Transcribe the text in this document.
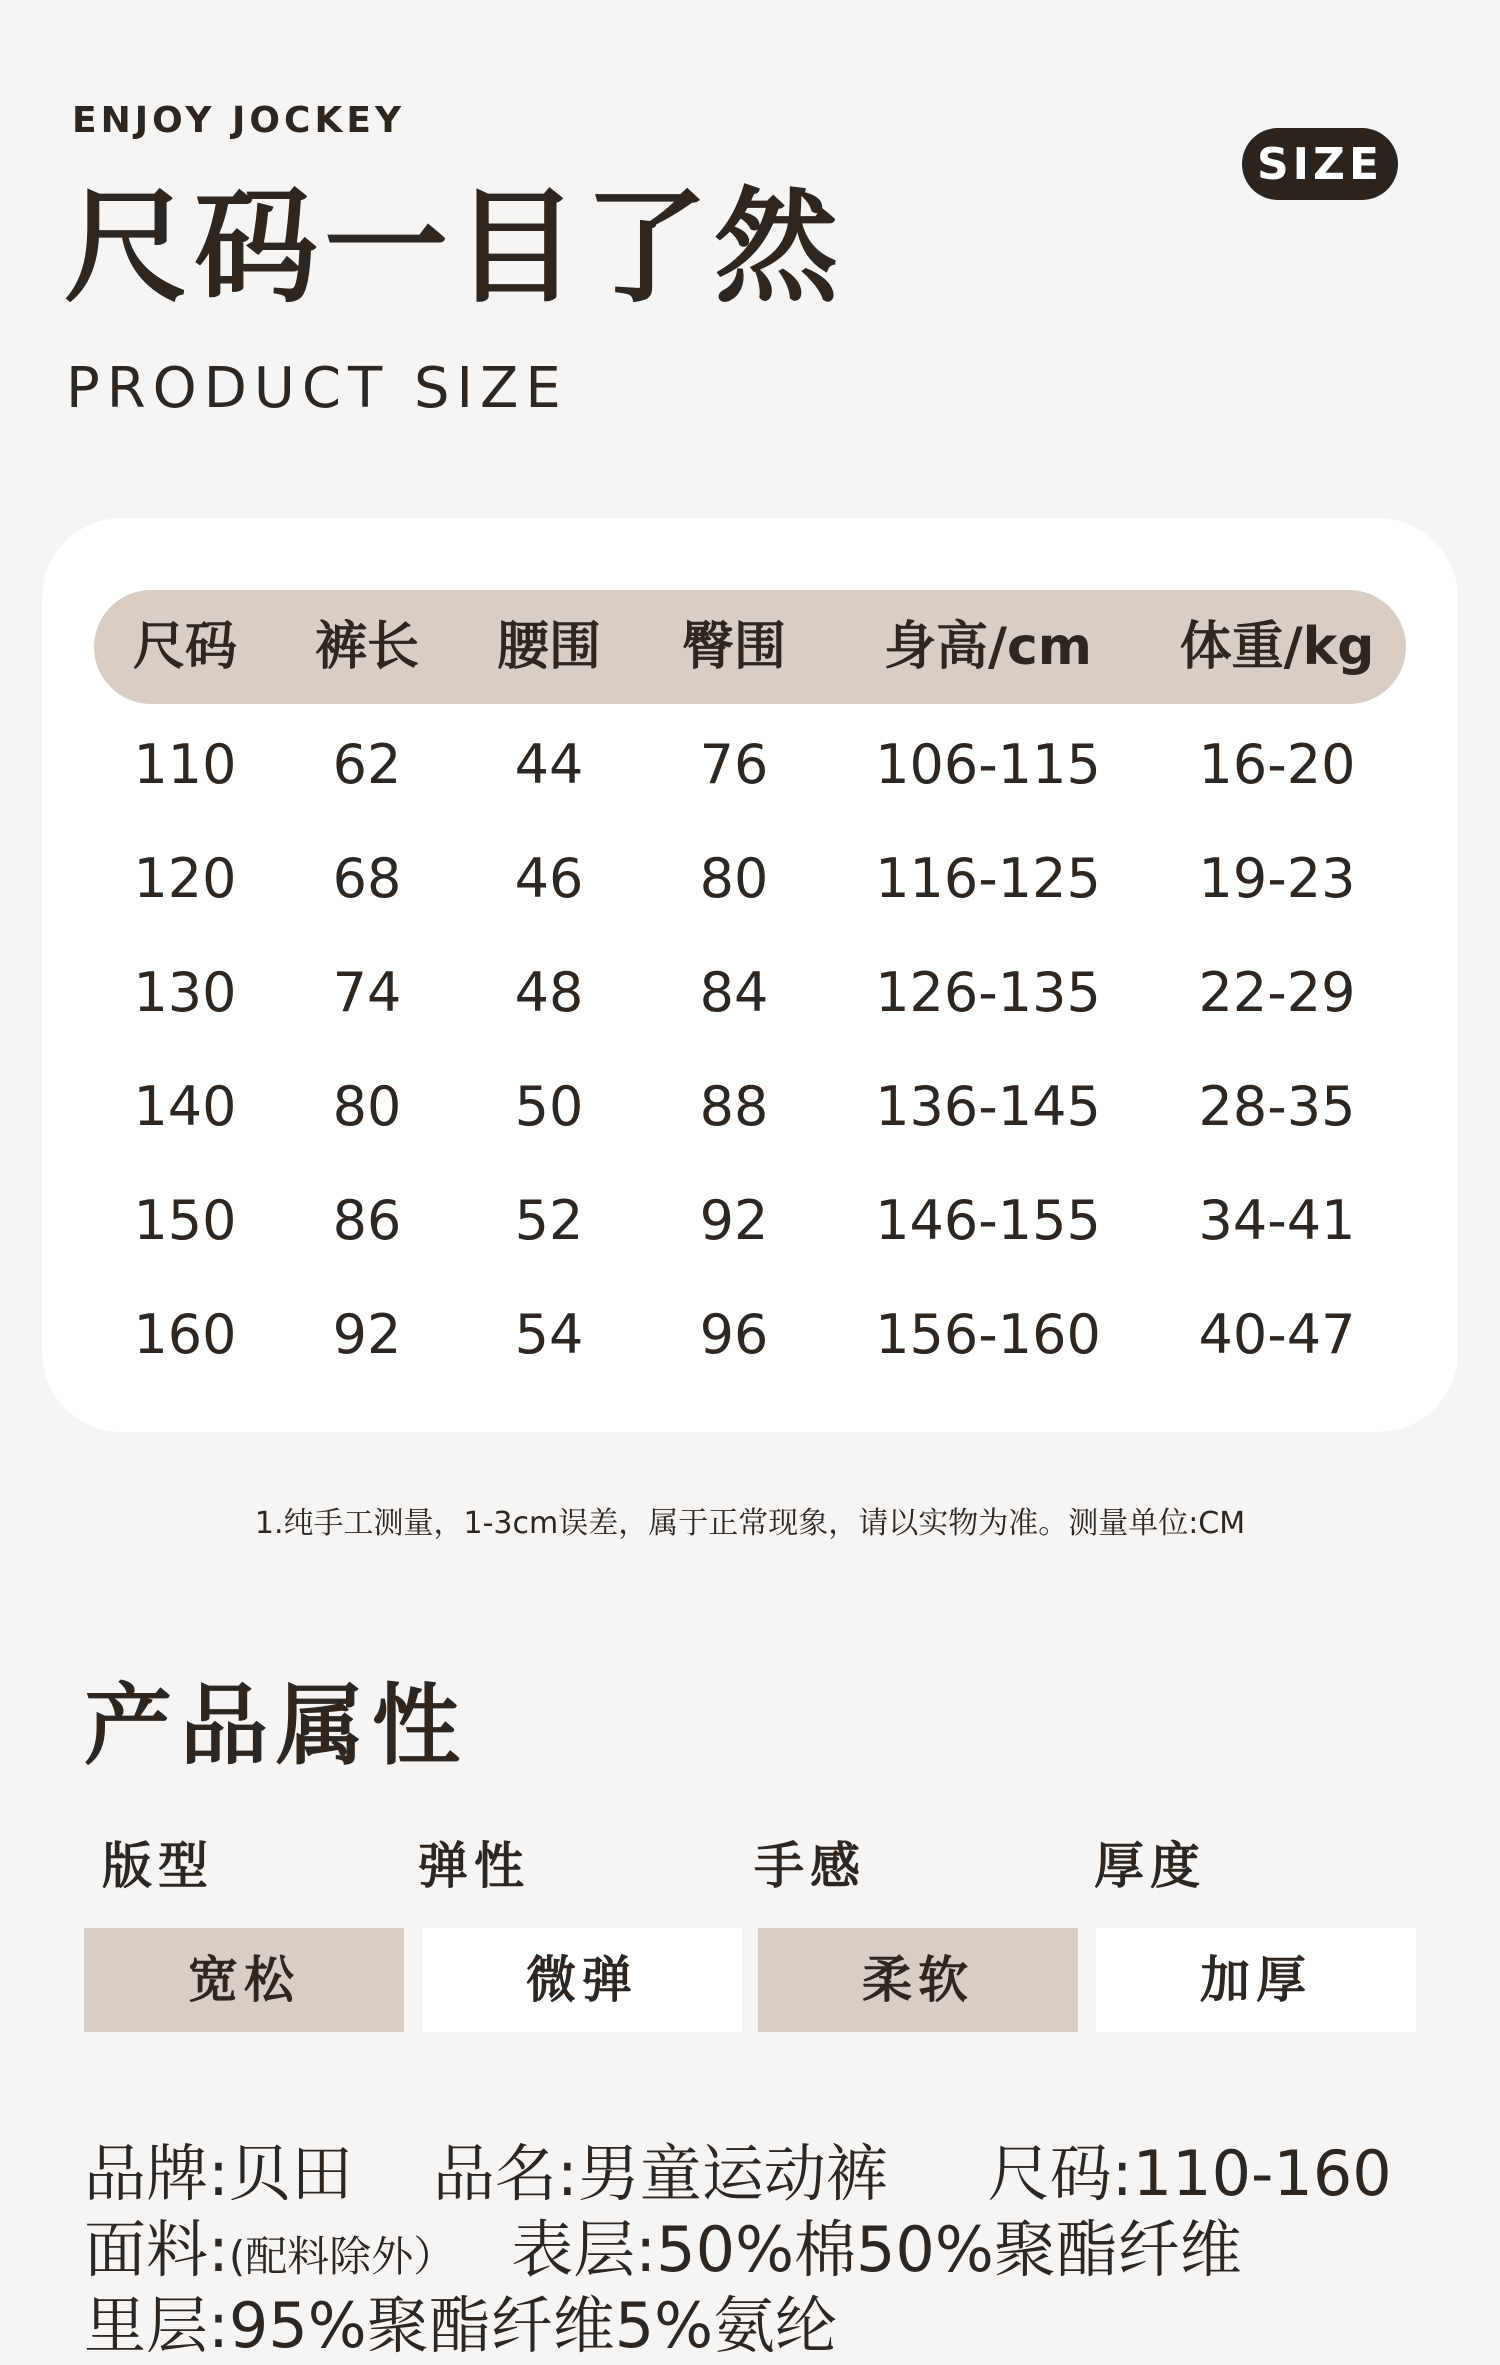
ENJOY JOCKEY
SIZE
尺码一目了然
PRODUCT SIZE
尺码	裤长	腰围	臀围	身高/cm	体重/kg
110	62	44	76	106-115	16-20
120	68	46	80	116-125	19-23
130	74	48	84	126-135	22-29
140	80	50	88	136-145	28-35
150	86	52	92	146-155	34-41
160	92	54	96	156-160	40-47
1.纯手工测量，1-3cm误差，属于正常现象，请以实物为准。测量单位:CM
产品属性
版型	弹性	手感	厚度
宽松	微弹	柔软	加厚
品牌:贝田 品名:男童运动裤 尺码:110-160
面料:(配料除外） 表层:50%棉50%聚酯纤维
里层:95%聚酯纤维5%氨纶
